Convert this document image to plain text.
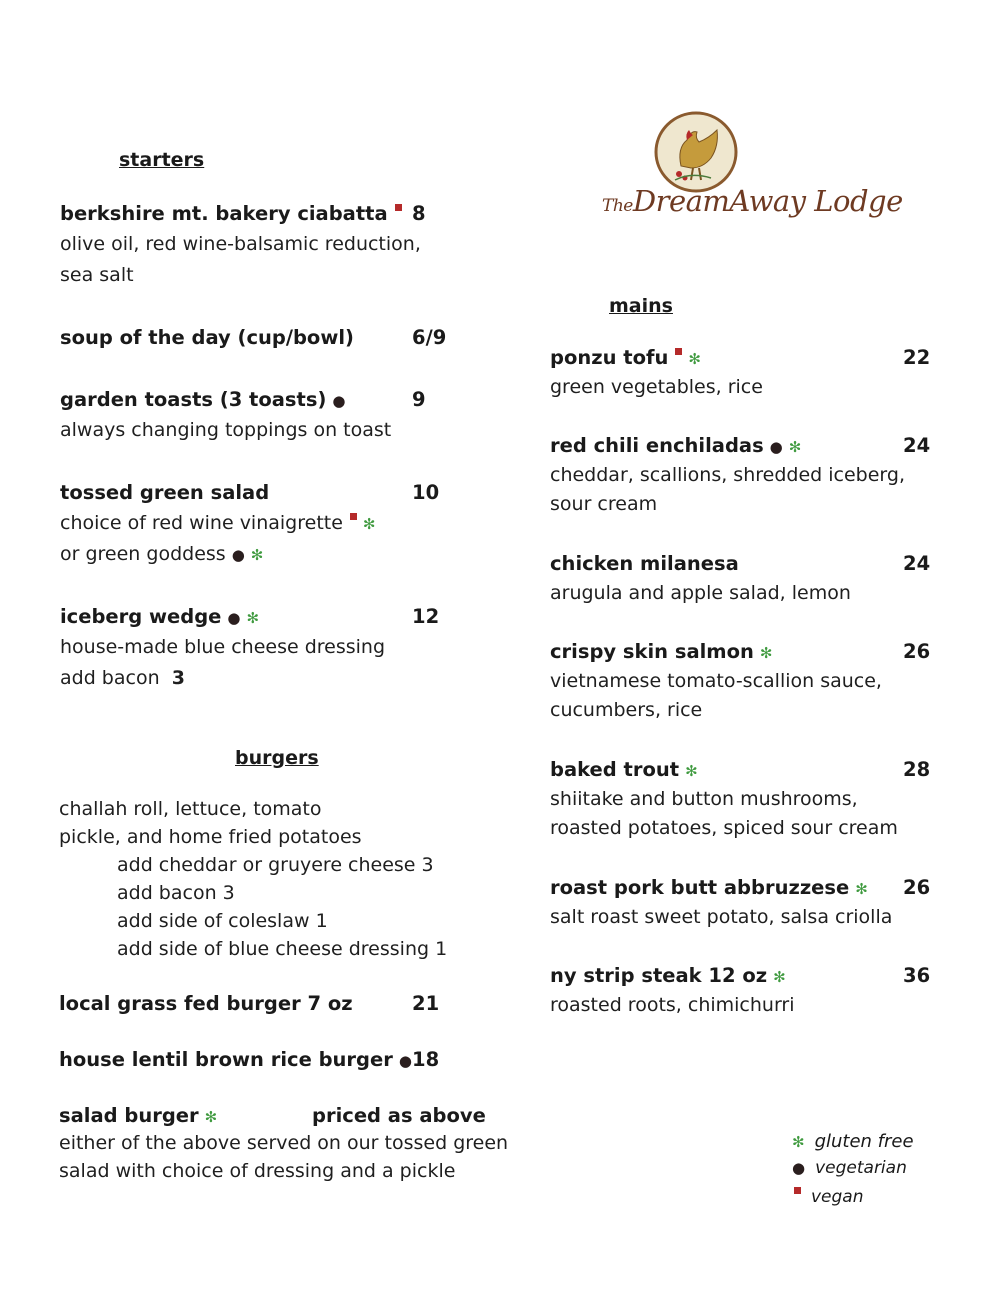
TheDreamAway Lodge
starters
berkshire mt. bakery ciabatta	8
olive oil, red wine-balsamic reduction,
sea salt
soup of the day (cup/bowl)	6/9
garden toasts (3 toasts) ●	9
always changing toppings on toast
tossed green salad	10
choice of red wine vinaigrette ✻
or green goddess ● ✻
iceberg wedge ● ✻	12
house-made blue cheese dressing
add bacon 3
burgers
challah roll, lettuce, tomato
pickle, and home fried potatoes
add cheddar or gruyere cheese 3
add bacon 3
add side of coleslaw 1
add side of blue cheese dressing 1
local grass fed burger 7 oz	21
house lentil brown rice burger ● 18
salad burger ✻	priced as above
either of the above served on our tossed green
salad with choice of dressing and a pickle
mains
ponzu tofu ✻	22
green vegetables, rice
red chili enchiladas ● ✻	24
cheddar, scallions, shredded iceberg,
sour cream
chicken milanesa	24
arugula and apple salad, lemon
crispy skin salmon ✻	26
vietnamese tomato-scallion sauce,
cucumbers, rice
baked trout ✻	28
shiitake and button mushrooms,
roasted potatoes, spiced sour cream
roast pork butt abbruzzese ✻ 26
salt roast sweet potato, salsa criolla
ny strip steak 12 oz ✻	36
roasted roots, chimichurri
✻ gluten free
● vegetarian
vegan
